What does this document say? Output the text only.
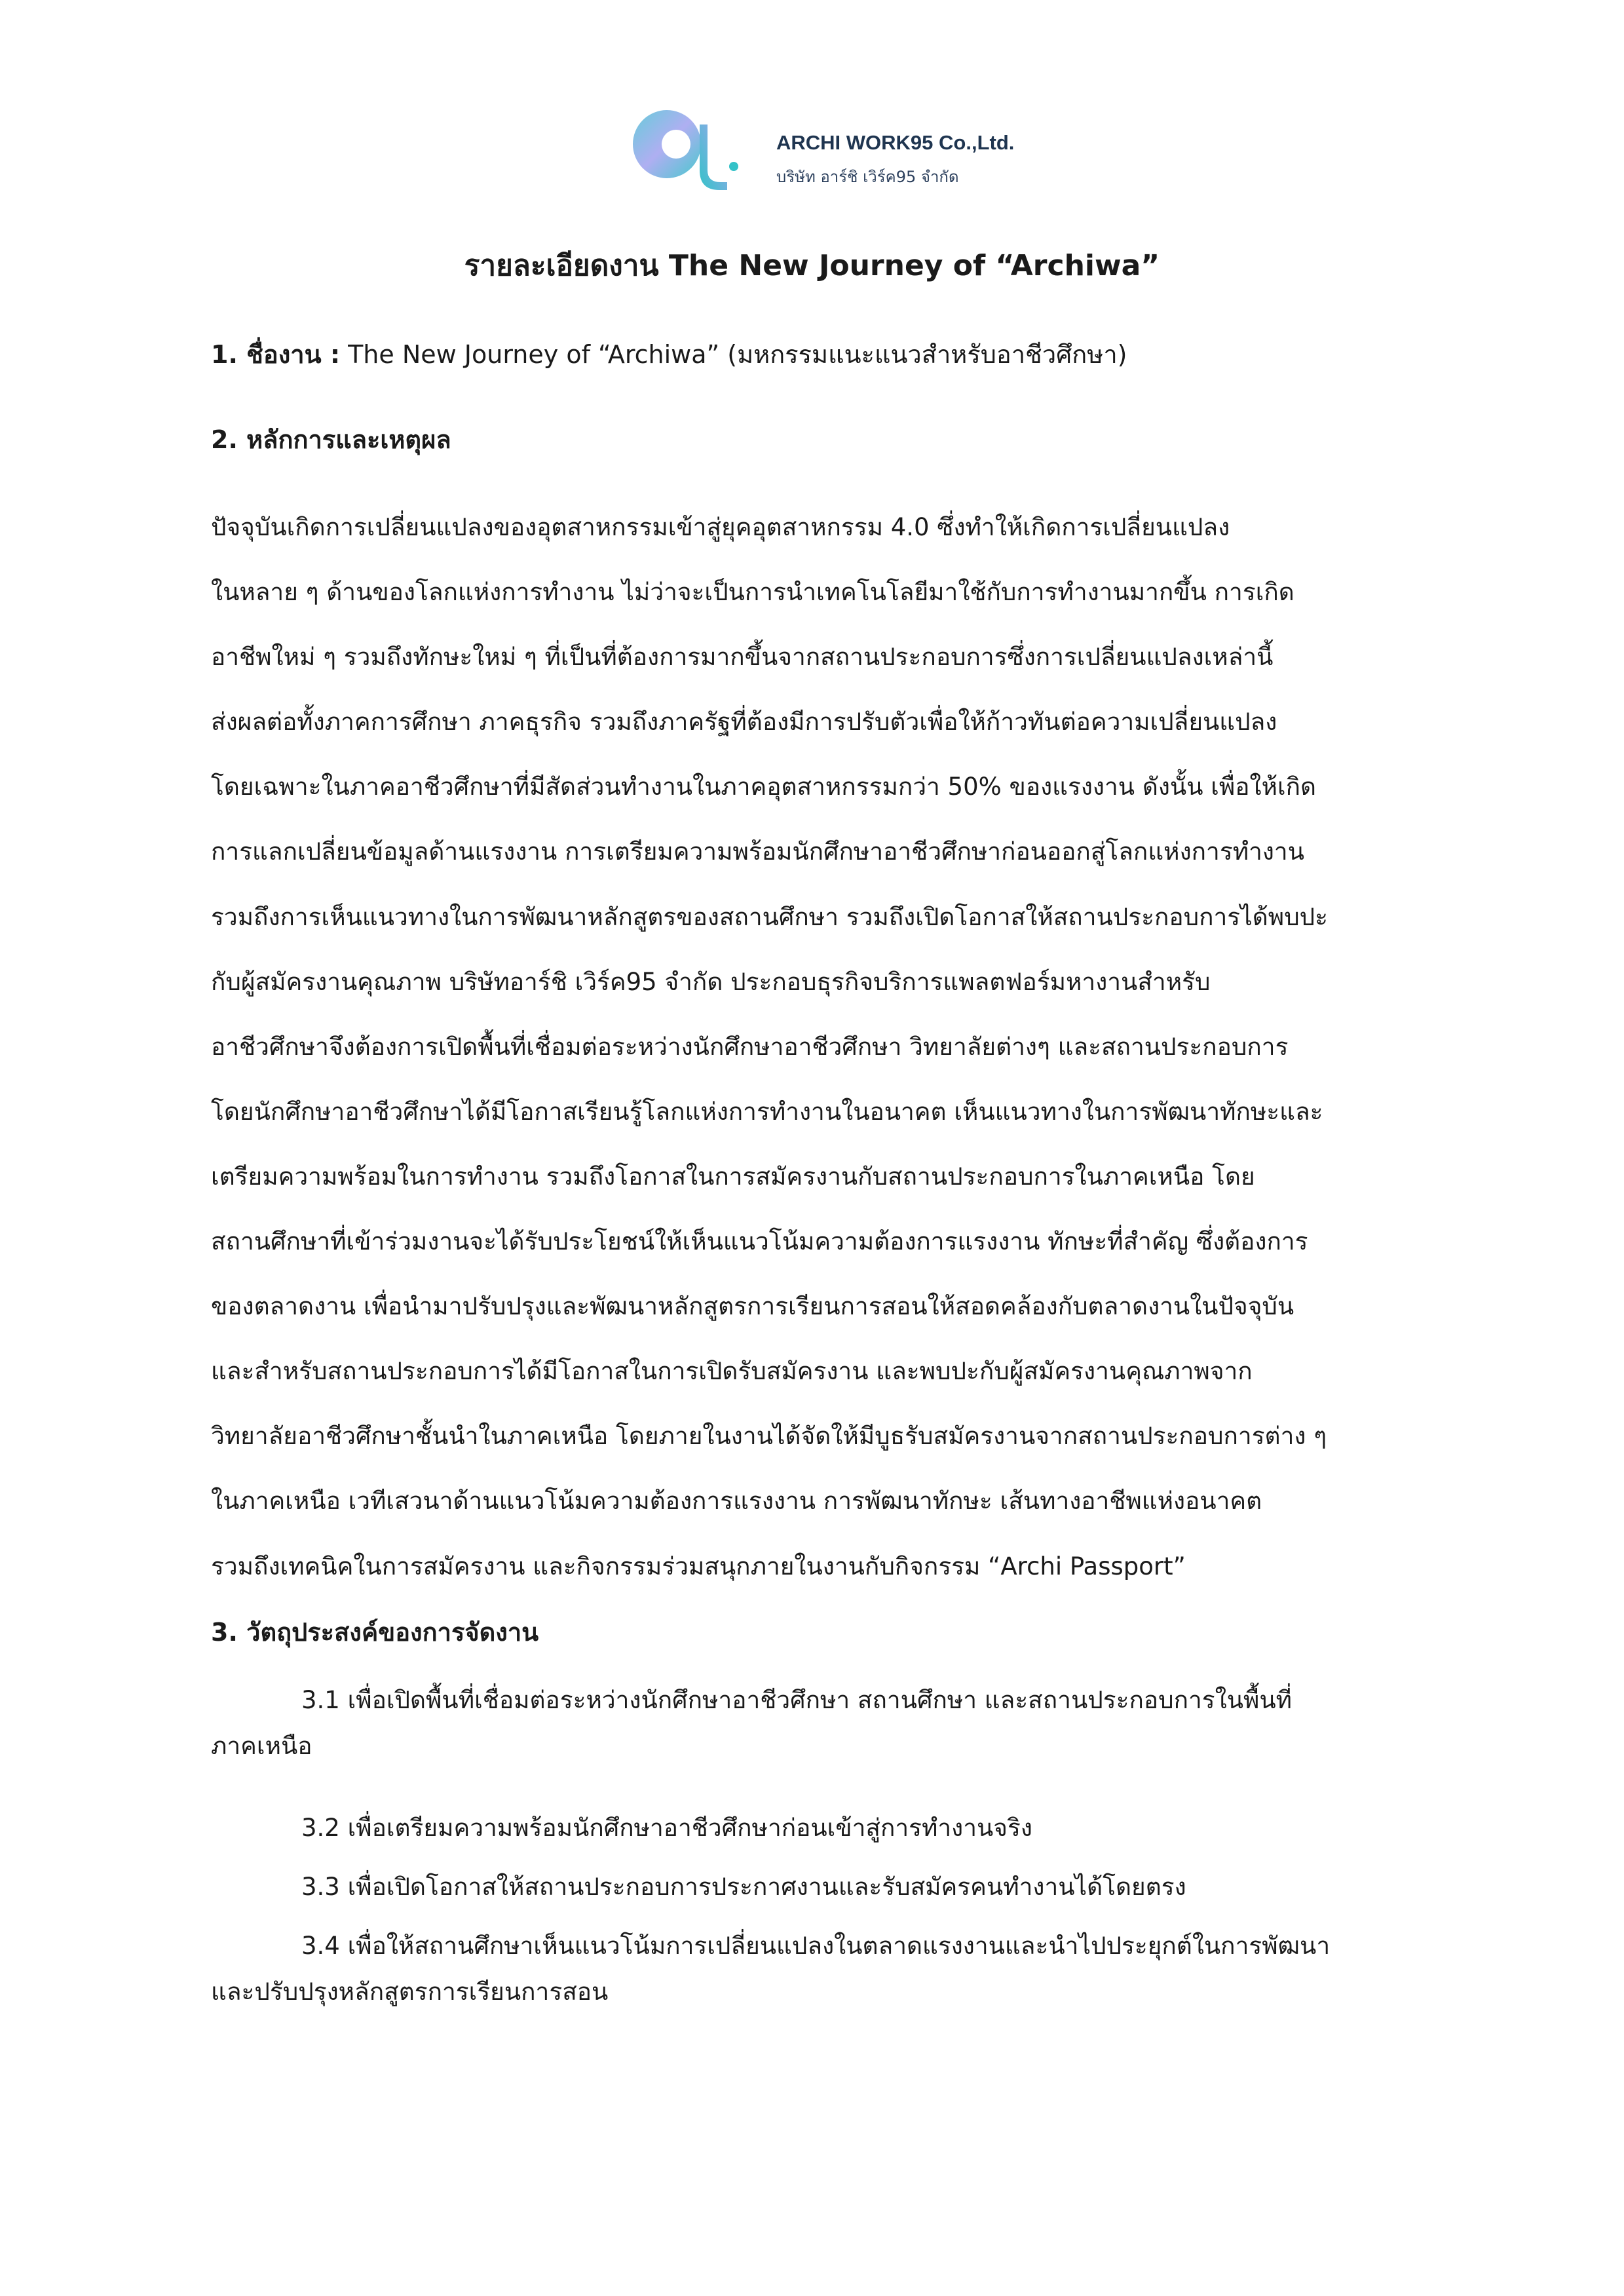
ARCHI WORK95 Co.,Ltd.
บริษัท อาร์ชิ เวิร์ค95 จำกัด
รายละเอียดงาน The New Journey of “Archiwa”
1. ชื่องาน : The New Journey of “Archiwa” (มหกรรมแนะแนวสำหรับอาชีวศึกษา)
2. หลักการและเหตุผล
ปัจจุบันเกิดการเปลี่ยนแปลงของอุตสาหกรรมเข้าสู่ยุคอุตสาหกรรม 4.0 ซึ่งทำให้เกิดการเปลี่ยนแปลง
ในหลาย ๆ ด้านของโลกแห่งการทำงาน ไม่ว่าจะเป็นการนำเทคโนโลยีมาใช้กับการทำงานมากขึ้น การเกิด
อาชีพใหม่ ๆ รวมถึงทักษะใหม่ ๆ ที่เป็นที่ต้องการมากขึ้นจากสถานประกอบการซึ่งการเปลี่ยนแปลงเหล่านี้
ส่งผลต่อทั้งภาคการศึกษา ภาคธุรกิจ รวมถึงภาครัฐที่ต้องมีการปรับตัวเพื่อให้ก้าวทันต่อความเปลี่ยนแปลง
โดยเฉพาะในภาคอาชีวศึกษาที่มีสัดส่วนทำงานในภาคอุตสาหกรรมกว่า 50% ของแรงงาน ดังนั้น เพื่อให้เกิด
การแลกเปลี่ยนข้อมูลด้านแรงงาน การเตรียมความพร้อมนักศึกษาอาชีวศึกษาก่อนออกสู่โลกแห่งการทำงาน
รวมถึงการเห็นแนวทางในการพัฒนาหลักสูตรของสถานศึกษา รวมถึงเปิดโอกาสให้สถานประกอบการได้พบปะ
กับผู้สมัครงานคุณภาพ บริษัทอาร์ชิ เวิร์ค95 จำกัด ประกอบธุรกิจบริการแพลตฟอร์มหางานสำหรับ
อาชีวศึกษาจึงต้องการเปิดพื้นที่เชื่อมต่อระหว่างนักศึกษาอาชีวศึกษา วิทยาลัยต่างๆ และสถานประกอบการ
โดยนักศึกษาอาชีวศึกษาได้มีโอกาสเรียนรู้โลกแห่งการทำงานในอนาคต เห็นแนวทางในการพัฒนาทักษะและ
เตรียมความพร้อมในการทำงาน รวมถึงโอกาสในการสมัครงานกับสถานประกอบการในภาคเหนือ โดย
สถานศึกษาที่เข้าร่วมงานจะได้รับประโยชน์ให้เห็นแนวโน้มความต้องการแรงงาน ทักษะที่สำคัญ ซึ่งต้องการ
ของตลาดงาน เพื่อนำมาปรับปรุงและพัฒนาหลักสูตรการเรียนการสอนให้สอดคล้องกับตลาดงานในปัจจุบัน
และสำหรับสถานประกอบการได้มีโอกาสในการเปิดรับสมัครงาน และพบปะกับผู้สมัครงานคุณภาพจาก
วิทยาลัยอาชีวศึกษาชั้นนำในภาคเหนือ โดยภายในงานได้จัดให้มีบูธรับสมัครงานจากสถานประกอบการต่าง ๆ
ในภาคเหนือ เวทีเสวนาด้านแนวโน้มความต้องการแรงงาน การพัฒนาทักษะ เส้นทางอาชีพแห่งอนาคต
รวมถึงเทคนิคในการสมัครงาน และกิจกรรมร่วมสนุกภายในงานกับกิจกรรม “Archi Passport”
3. วัตถุประสงค์ของการจัดงาน
3.1 เพื่อเปิดพื้นที่เชื่อมต่อระหว่างนักศึกษาอาชีวศึกษา สถานศึกษา และสถานประกอบการในพื้นที่
ภาคเหนือ
3.2 เพื่อเตรียมความพร้อมนักศึกษาอาชีวศึกษาก่อนเข้าสู่การทำงานจริง
3.3 เพื่อเปิดโอกาสให้สถานประกอบการประกาศงานและรับสมัครคนทำงานได้โดยตรง
3.4 เพื่อให้สถานศึกษาเห็นแนวโน้มการเปลี่ยนแปลงในตลาดแรงงานและนำไปประยุกต์ในการพัฒนา
และปรับปรุงหลักสูตรการเรียนการสอน
